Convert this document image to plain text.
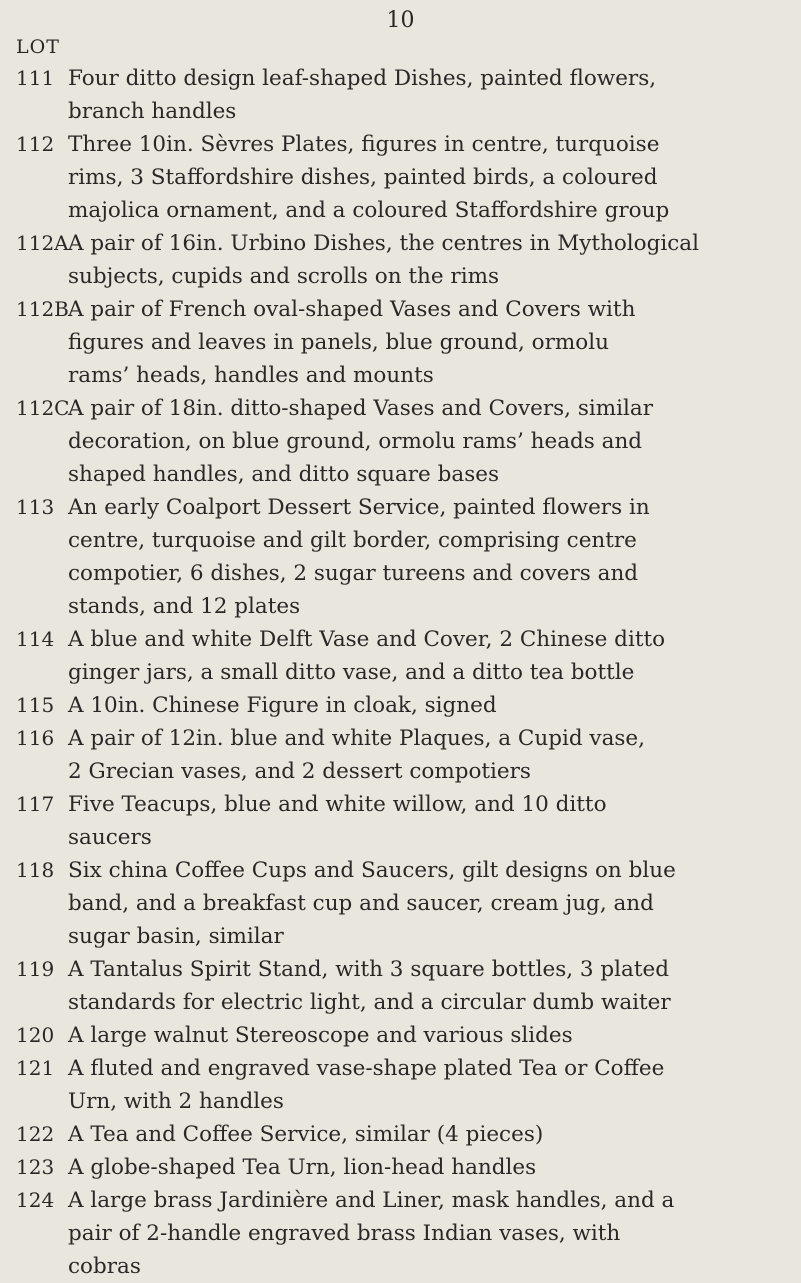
10
LOT
111 Four ditto design leaf-shaped Dishes, painted flowers,
branch handles
112 Three 10in. Sèvres Plates, figures in centre, turquoise
rims, 3 Staffordshire dishes, painted birds, a coloured
majolica ornament, and a coloured Staffordshire group
112A A pair of 16in. Urbino Dishes, the centres in Mythological
subjects, cupids and scrolls on the rims
112B A pair of French oval-shaped Vases and Covers with
figures and leaves in panels, blue ground, ormolu
rams’ heads, handles and mounts
112C
A pair of 18in. ditto-shaped Vases and Covers, similar
decoration, on blue ground, ormolu rams’ heads and
shaped handles, and ditto square bases
113 An early Coalport Dessert Service, painted flowers in
centre, turquoise and gilt border, comprising centre
compotier, 6 dishes, 2 sugar tureens and covers and
stands, and 12 plates
114 A blue and white Delft Vase and Cover, 2 Chinese ditto
ginger jars, a small ditto vase, and a ditto tea bottle
115 A 10in. Chinese Figure in cloak, signed
116 A pair of 12in. blue and white Plaques, a Cupid vase,
2 Grecian vases, and 2 dessert compotiers
117 Five Teacups, blue and white willow, and 10 ditto
saucers
118 Six china Coffee Cups and Saucers, gilt designs on blue
band, and a breakfast cup and saucer, cream jug, and
sugar basin, similar
119 A Tantalus Spirit Stand, with 3 square bottles, 3 plated
standards for electric light, and a circular dumb waiter
120 A large walnut Stereoscope and various slides
121 A fluted and engraved vase-shape plated Tea or Coffee
Urn, with 2 handles
122 A Tea and Coffee Service, similar (4 pieces)
123 A globe-shaped Tea Urn, lion-head handles
124 A large brass Jardinière and Liner, mask handles, and a
pair of 2-handle engraved brass Indian vases, with
cobras
